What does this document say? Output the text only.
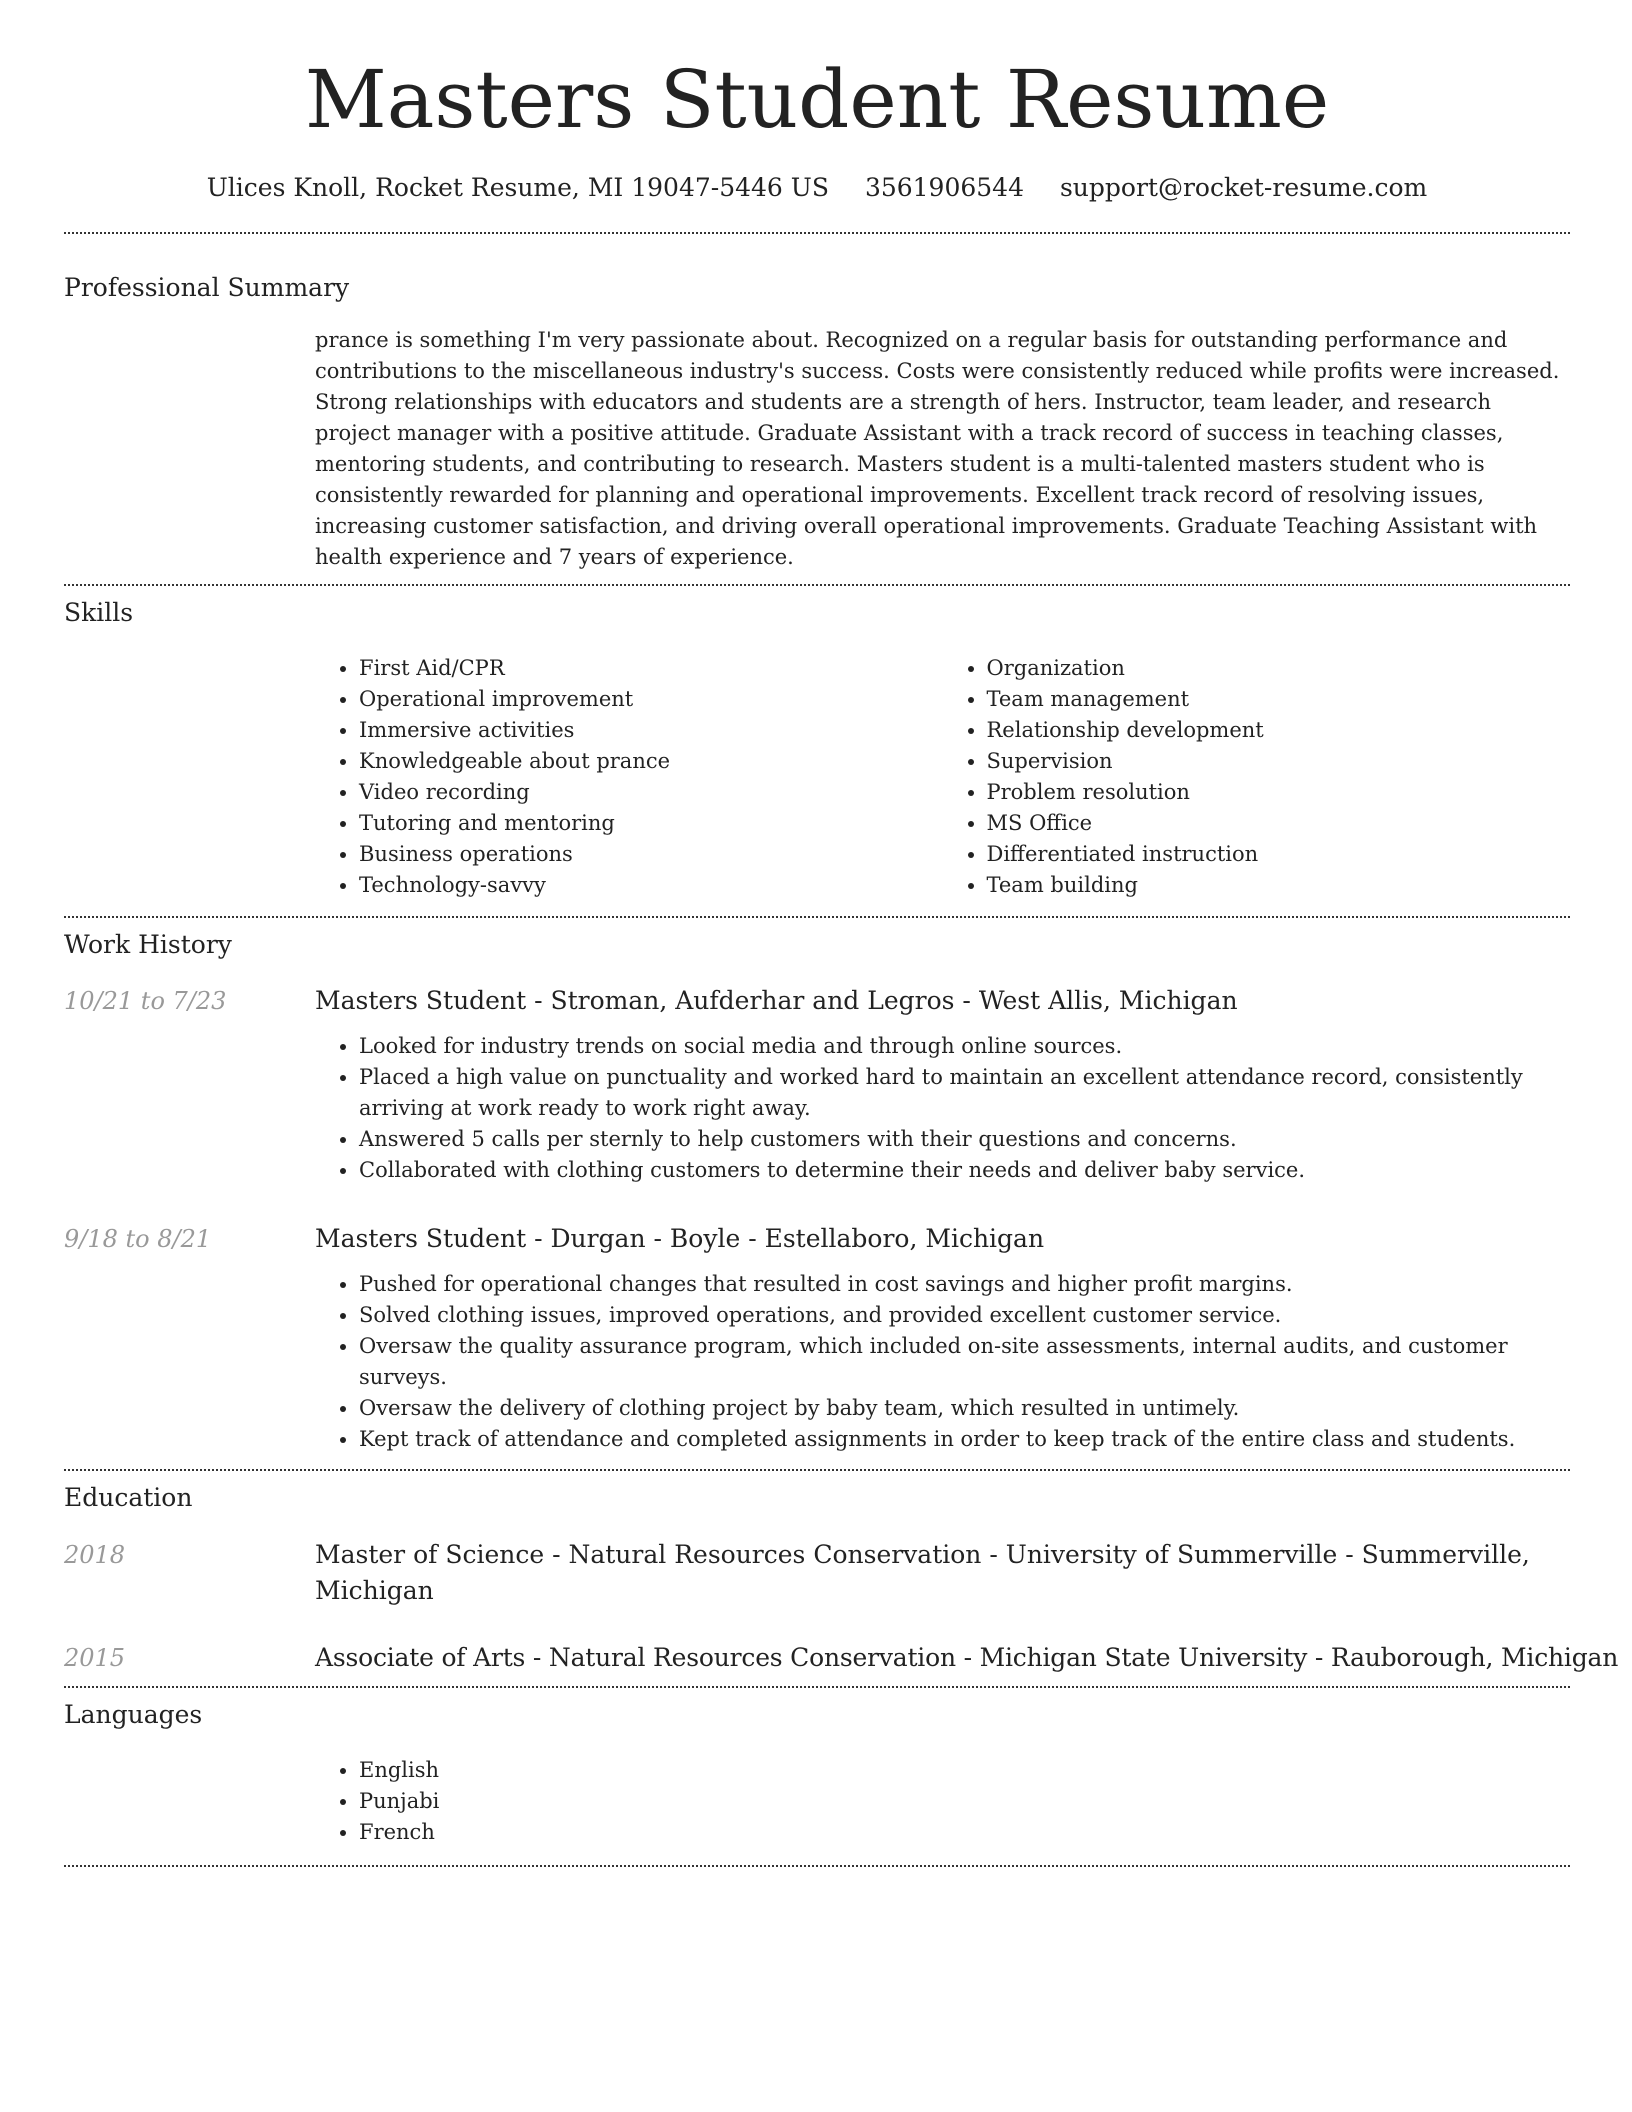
Masters Student Resume
Ulices Knoll, Rocket Resume, MI 19047-5446 US 3561906544 support@rocket-resume.com
Professional Summary

prance is something I'm very passionate about. Recognized on a regular basis for outstanding performance and contributions to the miscellaneous industry's success. Costs were consistently reduced while profits were increased. Strong relationships with educators and students are a strength of hers. Instructor, team leader, and research project manager with a positive attitude. Graduate Assistant with a track record of success in teaching classes, mentoring students, and contributing to research. Masters student is a multi-talented masters student who is consistently rewarded for planning and operational improvements. Excellent track record of resolving issues, increasing customer satisfaction, and driving overall operational improvements. Graduate Teaching Assistant with health experience and 7 years of experience.

Skills
• First Aid/CPR
• Operational improvement
• Immersive activities
• Knowledgeable about prance
• Video recording
• Tutoring and mentoring
• Business operations
• Technology-savvy
• Organization
• Team management
• Relationship development
• Supervision
• Problem resolution
• MS Office
• Differentiated instruction
• Team building
Work History
10/21 to 7/23	Masters Student - Stroman, Aufderhar and Legros - West Allis, Michigan
• Looked for industry trends on social media and through online sources.
• Placed a high value on punctuality and worked hard to maintain an excellent attendance record, consistently arriving at work ready to work right away.
• Answered 5 calls per sternly to help customers with their questions and concerns.
• Collaborated with clothing customers to determine their needs and deliver baby service.
9/18 to 8/21	Masters Student - Durgan - Boyle - Estellaboro, Michigan
• Pushed for operational changes that resulted in cost savings and higher profit margins.
• Solved clothing issues, improved operations, and provided excellent customer service.
• Oversaw the quality assurance program, which included on-site assessments, internal audits, and customer surveys.
• Oversaw the delivery of clothing project by baby team, which resulted in untimely.
• Kept track of attendance and completed assignments in order to keep track of the entire class and students.
Education
2018	Master of Science - Natural Resources Conservation - University of Summerville - Summerville, Michigan
2015	Associate of Arts - Natural Resources Conservation - Michigan State University - Rauborough, Michigan
Languages
• English
• Punjabi
• French
